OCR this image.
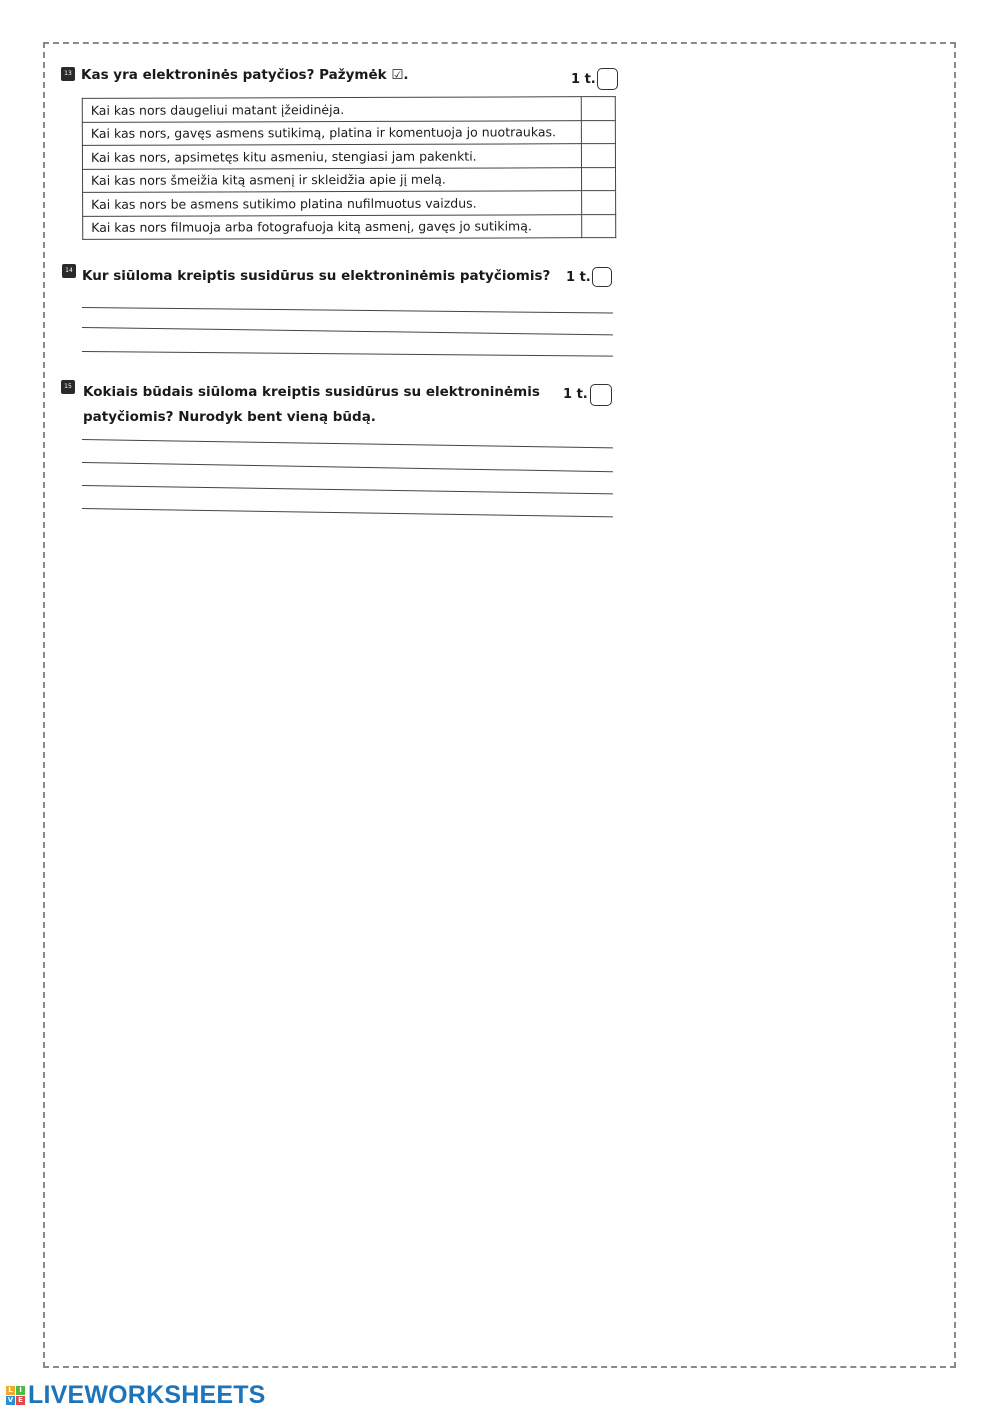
13 Kas yra elektroninės patyčios? Pažymėk ☑.	1 t.
Kai kas nors daugeliui matant įžeidinėja.	
Kai kas nors, gavęs asmens sutikimą, platina ir komentuoja jo nuotraukas.	
Kai kas nors, apsimetęs kitu asmeniu, stengiasi jam pakenkti.	
Kai kas nors šmeižia kitą asmenį ir skleidžia apie jį melą.	
Kai kas nors be asmens sutikimo platina nufilmuotus vaizdus.	
Kai kas nors filmuoja arba fotografuoja kitą asmenį, gavęs jo sutikimą.	
14 Kur siūloma kreiptis susidūrus su elektroninėmis patyčiomis? 1 t.
15 Kokiais būdais siūloma kreiptis susidūrus su elektroninėmis
patyčiomis? Nurodyk bent vieną būdą.
1 t.
L I
V E LIVEWORKSHEETS
